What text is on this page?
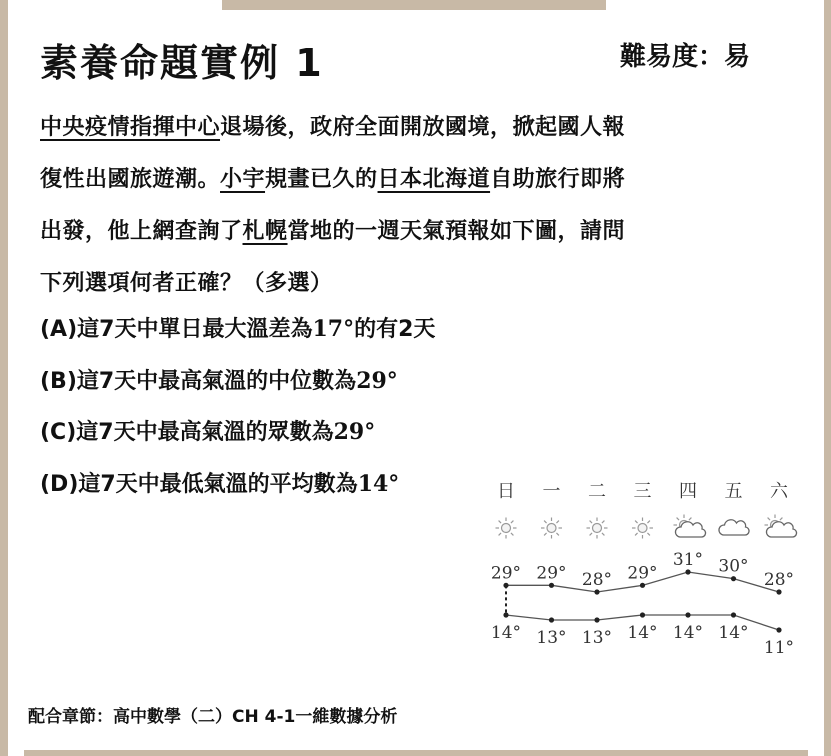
素養命題實例 1	難易度：易

中央疫情指揮中心退場後，政府全面開放國境，掀起國人報

復性出國旅遊潮。小宇規畫已久的日本北海道自助旅行即將

出發，他上網查詢了札幌當地的一週天氣預報如下圖，請問

下列選項何者正確？（多選）

(A)這7天中單日最大溫差為17°的有2天
(B)這7天中最高氣溫的中位數為29°
(C)這7天中最高氣溫的眾數為29°
(D)這7天中最低氣溫的平均數為14°	日 一 二 三 四 五 六
29° 29° 28° 29°
31° 30°
28°
14° 13° 13° 14° 14° 14°
11°
配合章節：高中數學（二）CH 4-1一維數據分析
